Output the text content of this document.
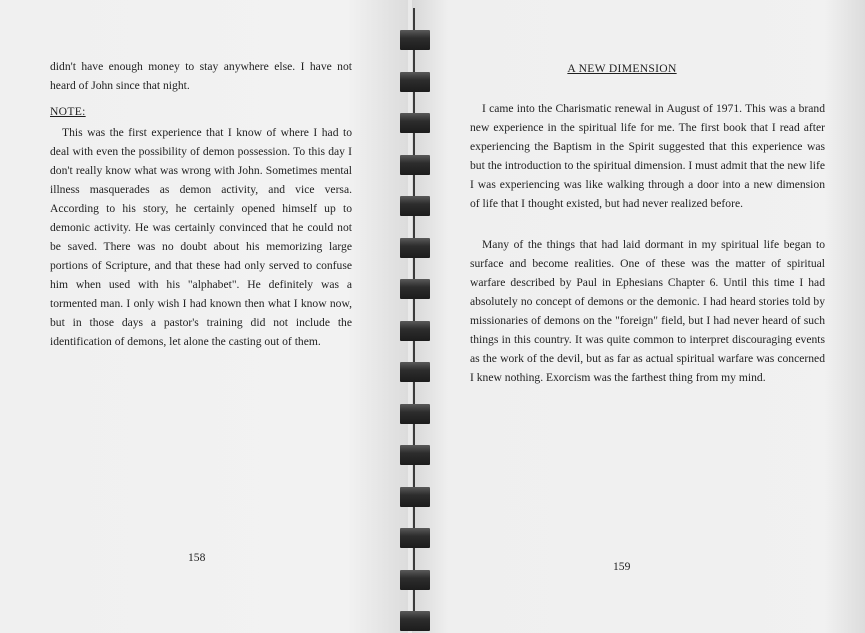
didn't have enough money to stay anywhere else. I have not heard of John since that night.
NOTE:
This was the first experience that I know of where I had to deal with even the possibility of demon possession. To this day I don't really know what was wrong with John. Sometimes mental illness masquerades as demon activity, and vice versa. According to his story, he certainly opened himself up to demonic activity. He was certainly convinced that he could not be saved. There was no doubt about his memorizing large portions of Scripture, and that these had only served to confuse him when used with his "alphabet". He definitely was a tormented man. I only wish I had known then what I know now, but in those days a pastor's training did not include the identification of demons, let alone the casting out of them.
158
A NEW DIMENSION
I came into the Charismatic renewal in August of 1971. This was a brand new experience in the spiritual life for me. The first book that I read after experiencing the Baptism in the Spirit suggested that this experience was but the introduction to the spiritual dimension. I must admit that the new life I was experiencing was like walking through a door into a new dimension of life that I thought existed, but had never realized before.
Many of the things that had laid dormant in my spiritual life began to surface and become realities. One of these was the matter of spiritual warfare described by Paul in Ephesians Chapter 6. Until this time I had absolutely no concept of demons or the demonic. I had heard stories told by missionaries of demons on the "foreign" field, but I had never heard of such things in this country. It was quite common to interpret discouraging events as the work of the devil, but as far as actual spiritual warfare was concerned I knew nothing. Exorcism was the farthest thing from my mind.
159
